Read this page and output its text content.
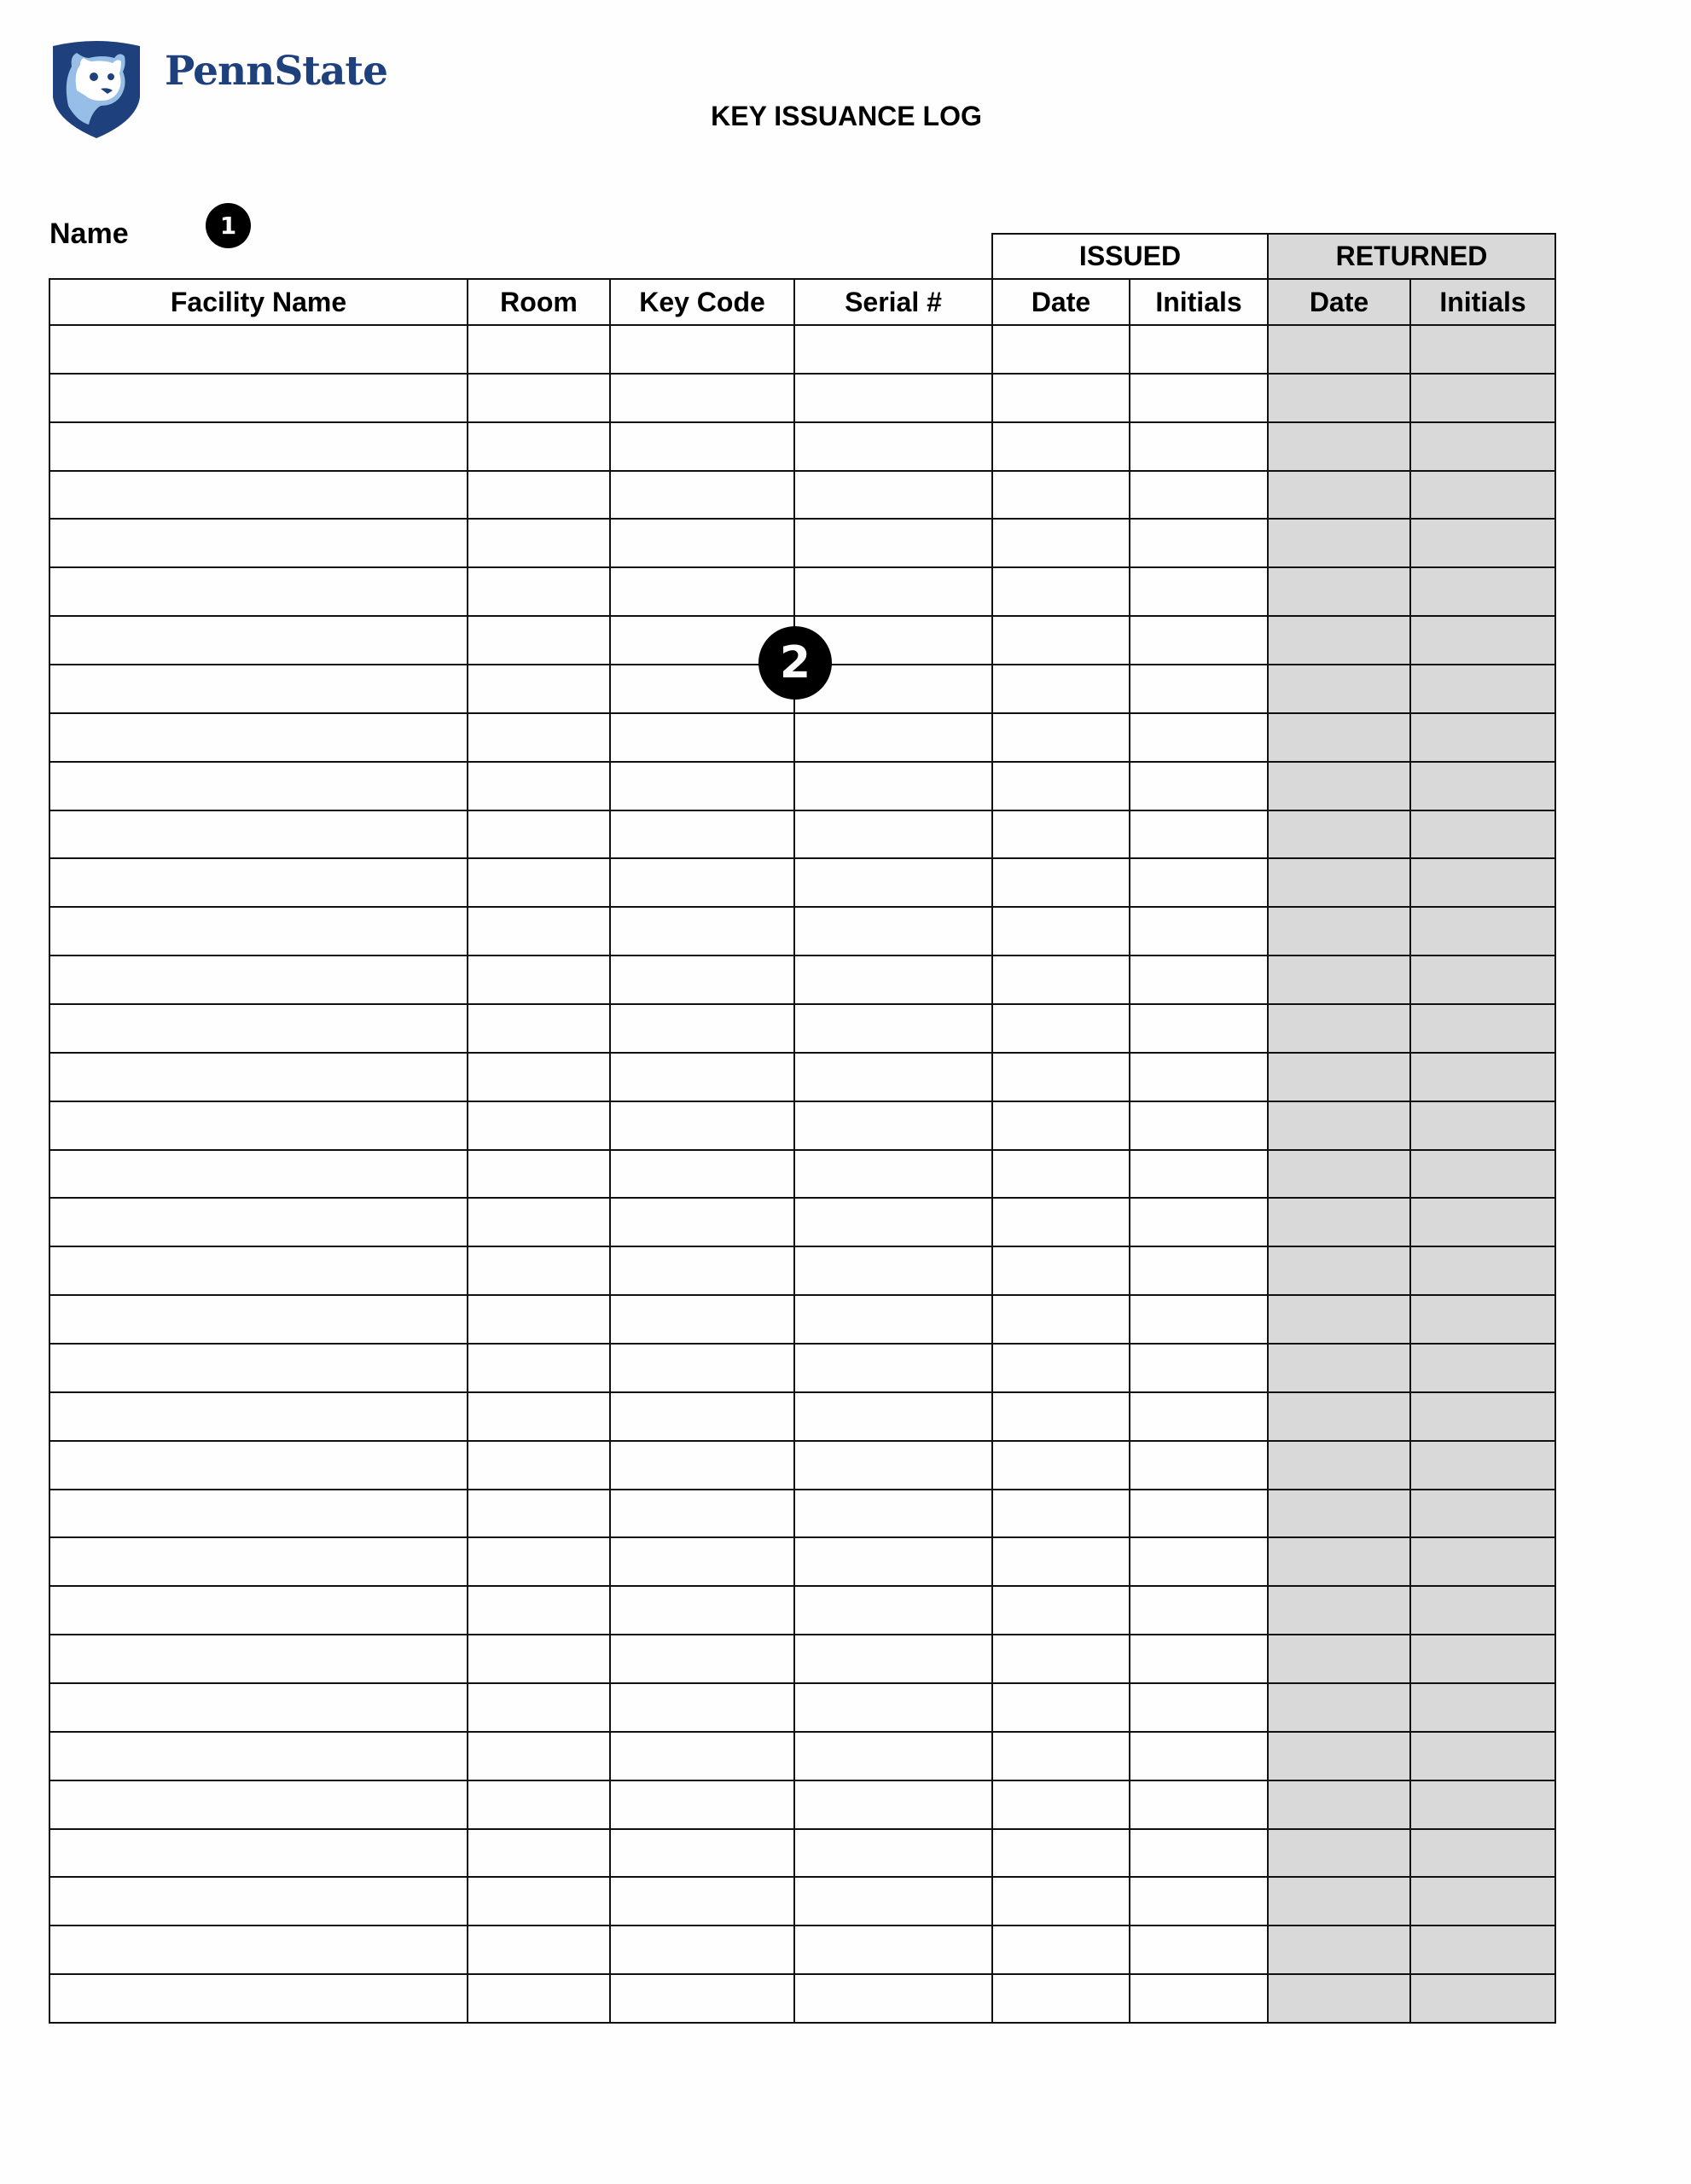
PennState
KEY ISSUANCE LOG
Name	1
2
ISSUED	RETURNED
Facility Name	Room	Key Code	Serial #	Date	Initials	Date	Initials
